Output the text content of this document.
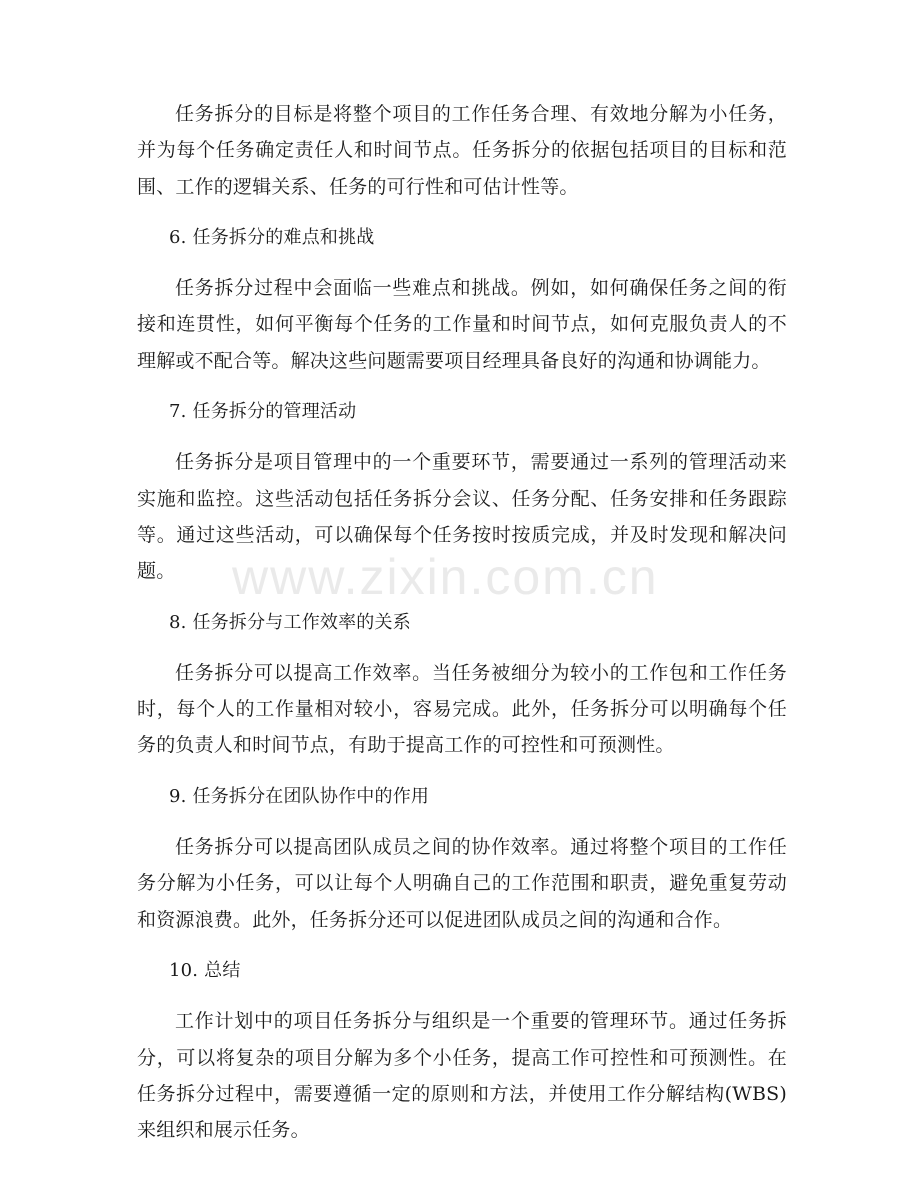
任务拆分的目标是将整个项目的工作任务合理、有效地分解为小任务，并为每个任务确定责任人和时间节点。任务拆分的依据包括项目的目标和范围、工作的逻辑关系、任务的可行性和可估计性等。

6. 任务拆分的难点和挑战

任务拆分过程中会面临一些难点和挑战。例如，如何确保任务之间的衔接和连贯性，如何平衡每个任务的工作量和时间节点，如何克服负责人的不理解或不配合等。解决这些问题需要项目经理具备良好的沟通和协调能力。

7. 任务拆分的管理活动

任务拆分是项目管理中的一个重要环节，需要通过一系列的管理活动来实施和监控。这些活动包括任务拆分会议、任务分配、任务安排和任务跟踪等。通过这些活动，可以确保每个任务按时按质完成，并及时发现和解决问题。

8. 任务拆分与工作效率的关系

任务拆分可以提高工作效率。当任务被细分为较小的工作包和工作任务时，每个人的工作量相对较小，容易完成。此外，任务拆分可以明确每个任务的负责人和时间节点，有助于提高工作的可控性和可预测性。

9. 任务拆分在团队协作中的作用

任务拆分可以提高团队成员之间的协作效率。通过将整个项目的工作任务分解为小任务，可以让每个人明确自己的工作范围和职责，避免重复劳动和资源浪费。此外，任务拆分还可以促进团队成员之间的沟通和合作。

10. 总结

工作计划中的项目任务拆分与组织是一个重要的管理环节。通过任务拆分，可以将复杂的项目分解为多个小任务，提高工作可控性和可预测性。在任务拆分过程中，需要遵循一定的原则和方法，并使用工作分解结构(WBS)来组织和展示任务。

www.zixin.com.cn
